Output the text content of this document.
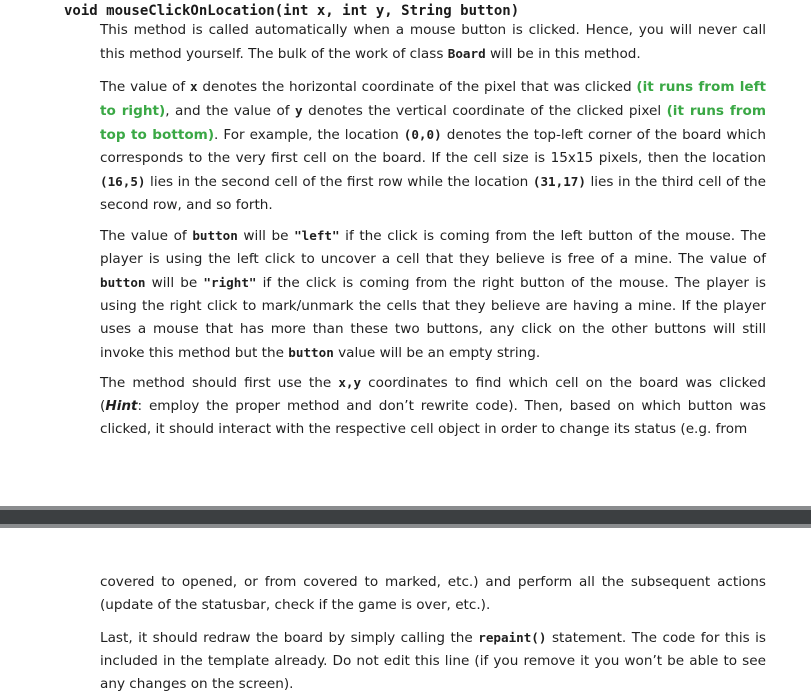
void mouseClickOnLocation(int x, int y, String button)

This method is called automatically when a mouse button is clicked. Hence, you will never call this method yourself. The bulk of the work of class Board will be in this method.

The value of x denotes the horizontal coordinate of the pixel that was clicked (it runs from left to right), and the value of y denotes the vertical coordinate of the clicked pixel (it runs from top to bottom). For example, the location (0,0) denotes the top-left corner of the board which corresponds to the very first cell on the board. If the cell size is 15x15 pixels, then the location (16,5) lies in the second cell of the first row while the location (31,17) lies in the third cell of the second row, and so forth.

The value of button will be "left" if the click is coming from the left button of the mouse. The player is using the left click to uncover a cell that they believe is free of a mine. The value of button will be "right" if the click is coming from the right button of the mouse. The player is using the right click to mark/unmark the cells that they believe are having a mine. If the player uses a mouse that has more than these two buttons, any click on the other buttons will still invoke this method but the button value will be an empty string.

The method should first use the x,y coordinates to find which cell on the board was clicked (Hint: employ the proper method and don’t rewrite code). Then, based on which button was clicked, it should interact with the respective cell object in order to change its status (e.g. from

covered to opened, or from covered to marked, etc.) and perform all the subsequent actions (update of the statusbar, check if the game is over, etc.).

Last, it should redraw the board by simply calling the repaint() statement. The code for this is included in the template already. Do not edit this line (if you remove it you won’t be able to see any changes on the screen).
